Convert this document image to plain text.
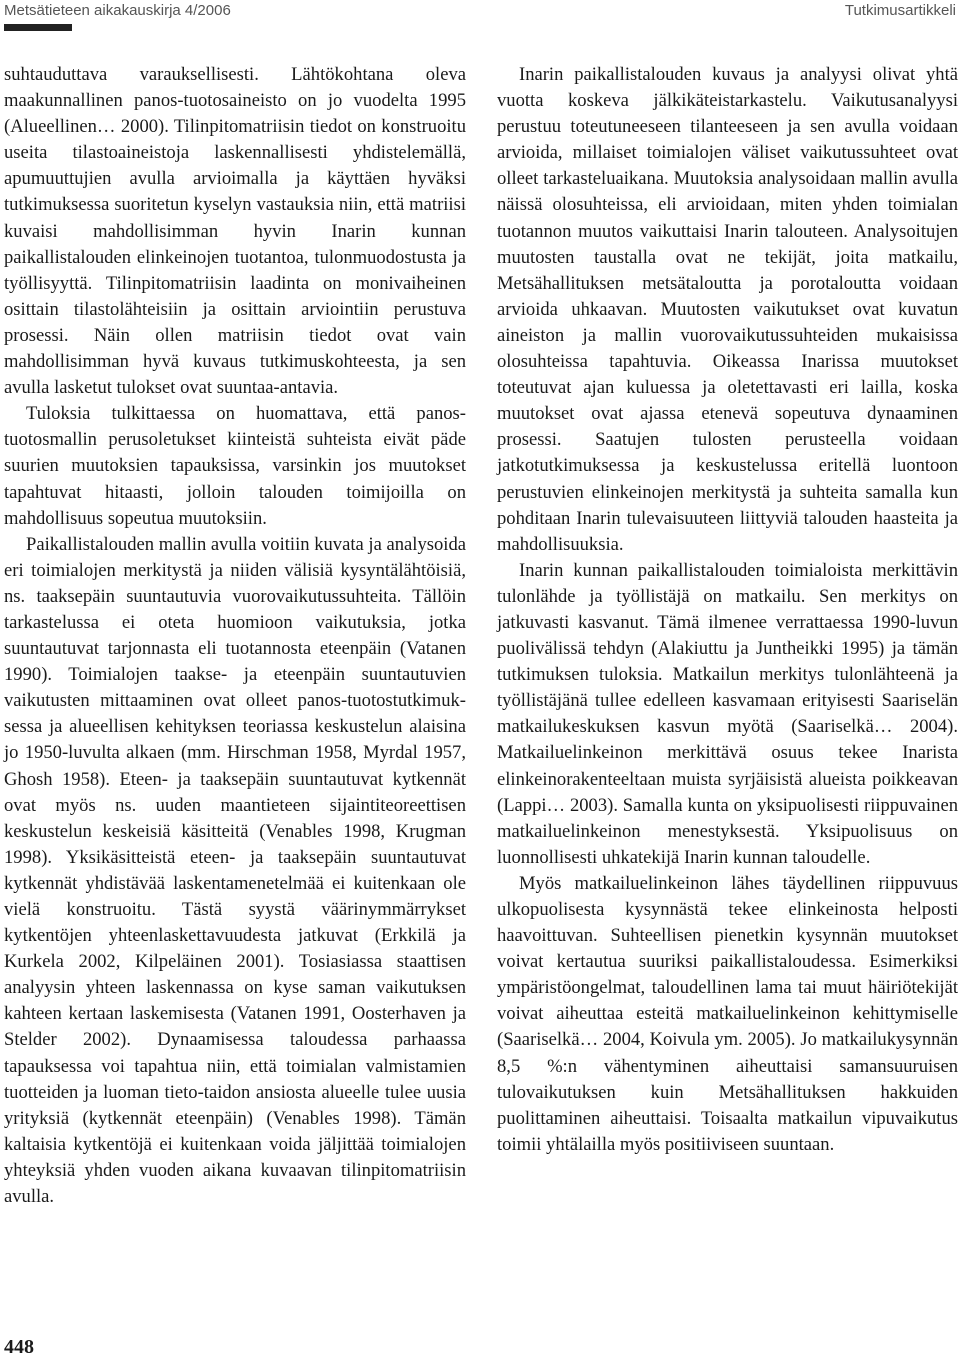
Metsätieteen aikakauskirja 4/2006	Tutkimusartikkeli

suhtauduttava varauksellisesti. Lähtökohtana oleva maakunnallinen panos-tuotosaineisto on jo vuodelta 1995 (Alueellinen… 2000). Tilinpitomatriisin tiedot on konstruoitu useita tilastoaineistoja laskennallisesti yhdistelemällä, apumuuttujien avulla arvioimalla ja käyttäen hyväksi tutkimuksessa suoritetun kyselyn vastauksia niin, että matriisi kuvaisi mahdollisimman hyvin Inarin kunnan paikallistalouden elinkeinojen tuotantoa, tulonmuodostusta ja työllisyyttä. Tilinpitomatriisin laadinta on monivaiheinen osittain tilastolähteisiin ja osittain arviointiin perustuva prosessi. Näin ollen matriisin tiedot ovat vain mahdollisimman hyvä kuvaus tutkimuskohteesta, ja sen avulla lasketut tulokset ovat suuntaa-antavia.

Tuloksia tulkittaessa on huomattava, että panostuotosmallin perusoletukset kiinteistä suhteista eivät päde suurien muutoksien tapauksissa, varsinkin jos muutokset tapahtuvat hitaasti, jolloin talouden toimijoilla on mahdollisuus sopeutua muutoksiin.

Paikallistalouden mallin avulla voitiin kuvata ja analysoida eri toimialojen merkitystä ja niiden välisiä kysyntälähtöisiä, ns. taaksepäin suuntautuvia vuorovaikutussuhteita. Tällöin tarkastelussa ei oteta huomioon vaikutuksia, jotka suuntautuvat tarjonnasta eli tuotannosta eteenpäin (Vatanen 1990). Toimialojen taakse- ja eteenpäin suuntautuvien vaikutusten mittaaminen ovat olleet panos-tuotostutkimuksessa ja alueellisen kehityksen teoriassa keskustelun alaisina jo 1950-luvulta alkaen (mm. Hirschman 1958, Myrdal 1957, Ghosh 1958). Eteen- ja taaksepäin suuntautuvat kytkennät ovat myös ns. uuden maantieteen sijaintiteoreettisen keskustelun keskeisiä käsitteitä (Venables 1998, Krugman 1998). Yksikäsitteistä eteen- ja taaksepäin suuntautuvat kytkennät yhdistävää laskentamenetelmää ei kuitenkaan ole vielä konstruoitu. Tästä syystä väärinymmärrykset kytkentöjen yhteenlaskettavuudesta jatkuvat (Erkkilä ja Kurkela 2002, Kilpeläinen 2001). Tosiasiassa staattisen analyysin yhteen laskennassa on kyse saman vaikutuksen kahteen kertaan laskemisesta (Vatanen 1991, Oosterhaven ja Stelder 2002). Dynaamisessa taloudessa parhaassa tapauksessa voi tapahtua niin, että toimialan valmistamien tuotteiden ja luoman tieto-taidon ansiosta alueelle tulee uusia yrityksiä (kytkennät eteenpäin) (Venables 1998). Tämän kaltaisia kytkentöjä ei kuitenkaan voida jäljittää toimialojen yhteyksiä yhden vuoden aikana kuvaavan tilinpitomatriisin avulla.

Inarin paikallistalouden kuvaus ja analyysi olivat yhtä vuotta koskeva jälkikäteistarkastelu. Vaikutusanalyysi perustuu toteutuneeseen tilanteeseen ja sen avulla voidaan arvioida, millaiset toimialojen väliset vaikutussuhteet ovat olleet tarkasteluaikana. Muutoksia analysoidaan mallin avulla näissä olosuhteissa, eli arvioidaan, miten yhden toimialan tuotannon muutos vaikuttaisi Inarin talouteen. Analysoitujen muutosten taustalla ovat ne tekijät, joita matkailu, Metsähallituksen metsätaloutta ja porotaloutta voidaan arvioida uhkaavan. Muutosten vaikutukset ovat kuvatun aineiston ja mallin vuorovaikutussuhteiden mukaisissa olosuhteissa tapahtuvia. Oikeassa Inarissa muutokset toteutuvat ajan kuluessa ja oletettavasti eri lailla, koska muutokset ovat ajassa etenevä sopeutuva dynaaminen prosessi. Saatujen tulosten perusteella voidaan jatkotutkimuksessa ja keskustelussa eritellä luontoon perustuvien elinkeinojen merkitystä ja suhteita samalla kun pohditaan Inarin tulevaisuuteen liittyviä talouden haasteita ja mahdollisuuksia.

Inarin kunnan paikallistalouden toimialoista merkittävin tulonlähde ja työllistäjä on matkailu. Sen merkitys on jatkuvasti kasvanut. Tämä ilmenee verrattaessa 1990-luvun puolivälissä tehdyn (Alakiuttu ja Juntheikki 1995) ja tämän tutkimuksen tuloksia. Matkailun merkitys tulonlähteenä ja työllistäjänä tullee edelleen kasvamaan erityisesti Saariselän matkailukeskuksen kasvun myötä (Saariselkä… 2004). Matkailuelinkeinon merkittävä osuus tekee Inarista elinkeinorakenteeltaan muista syrjäisistä alueista poikkeavan (Lappi… 2003). Samalla kunta on yksipuolisesti riippuvainen matkailuelinkeinon menestyksestä. Yksipuolisuus on luonnollisesti uhkatekijä Inarin kunnan taloudelle.

Myös matkailuelinkeinon lähes täydellinen riippuvuus ulkopuolisesta kysynnästä tekee elinkeinosta helposti haavoittuvan. Suhteellisen pienetkin kysynnän muutokset voivat kertautua suuriksi paikallistaloudessa. Esimerkiksi ympäristöongelmat, taloudellinen lama tai muut häiriötekijät voivat aiheuttaa esteitä matkailuelinkeinon kehittymiselle (Saariselkä… 2004, Koivula ym. 2005). Jo matkailukysynnän 8,5 %:n vähentyminen aiheuttaisi samansuuruisen tulovaikutuksen kuin Metsähallituksen hakkuiden puolittaminen aiheuttaisi. Toisaalta matkailun vipuvaikutus toimii yhtälailla myös positiiviseen suuntaan.

448
